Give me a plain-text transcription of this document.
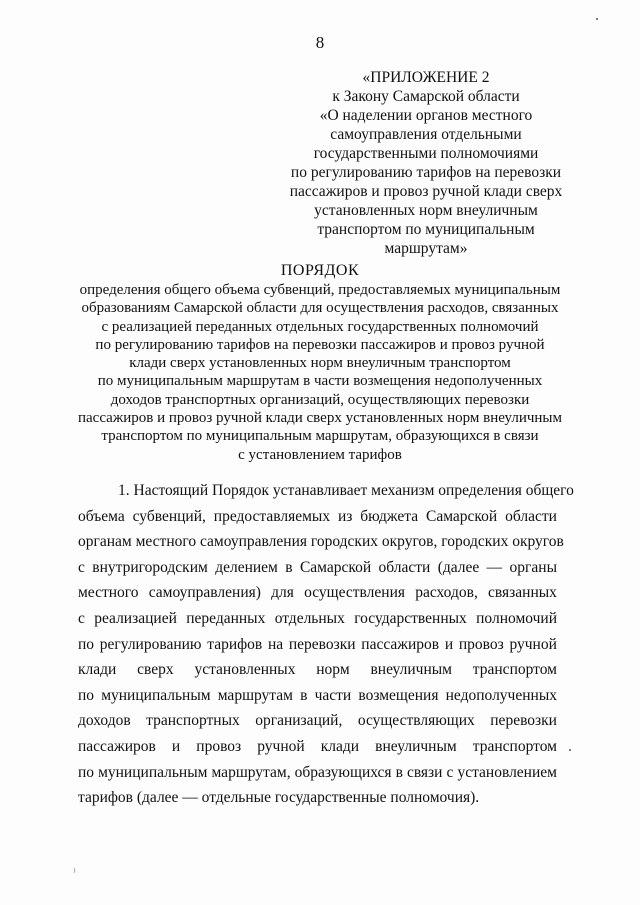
8
«ПРИЛОЖЕНИЕ 2
к Закону Самарской области
«О наделении органов местного
самоуправления отдельными
государственными полномочиями
по регулированию тарифов на перевозки
пассажиров и провоз ручной клади сверх
установленных норм внеуличным
транспортом по муниципальным
маршрутам»
ПОРЯДОК
определения общего объема субвенций, предоставляемых муниципальным
образованиям Самарской области для осуществления расходов, связанных
с реализацией переданных отдельных государственных полномочий
по регулированию тарифов на перевозки пассажиров и провоз ручной
клади сверх установленных норм внеуличным транспортом
по муниципальным маршрутам в части возмещения недополученных
доходов транспортных организаций, осуществляющих перевозки
пассажиров и провоз ручной клади сверх установленных норм внеуличным
транспортом по муниципальным маршрутам, образующихся в связи
с установлением тарифов
1. Настоящий Порядок устанавливает механизм определения общего
объема субвенций, предоставляемых из бюджета Самарской области
органам местного самоуправления городских округов, городских округов
с внутригородским делением в Самарской области (далее — органы
местного самоуправления) для осуществления расходов, связанных
с реализацией переданных отдельных государственных полномочий
по регулированию тарифов на перевозки пассажиров и провоз ручной
клади сверх установленных норм внеуличным транспортом
по муниципальным маршрутам в части возмещения недополученных
доходов транспортных организаций, осуществляющих перевозки
пассажиров и провоз ручной клади внеуличным транспортом
по муниципальным маршрутам, образующихся в связи с установлением
тарифов (далее — отдельные государственные полномочия).
⁾
